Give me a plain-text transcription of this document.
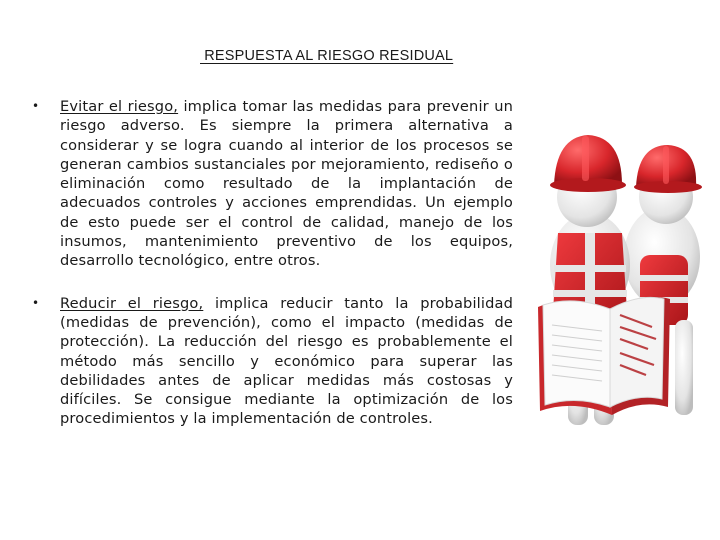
RESPUESTA AL RIESGO RESIDUAL
• Evitar el riesgo, implica tomar las medidas para prevenir un riesgo adverso. Es siempre la primera alternativa a considerar y se logra cuando al interior de los procesos se generan cambios sustanciales por mejoramiento, rediseño o eliminación como resultado de la implantación de adecuados controles y acciones emprendidas. Un ejemplo de esto puede ser el control de calidad, manejo de los insumos, mantenimiento preventivo de los equipos, desarrollo tecnológico, entre otros.

• Reducir el riesgo, implica reducir tanto la probabilidad (medidas de prevención), como el impacto (medidas de protección). La reducción del riesgo es probablemente el método más sencillo y económico para superar las debilidades antes de aplicar medidas más costosas y difíciles. Se consigue mediante la optimización de los procedimientos y la implementación de controles.
